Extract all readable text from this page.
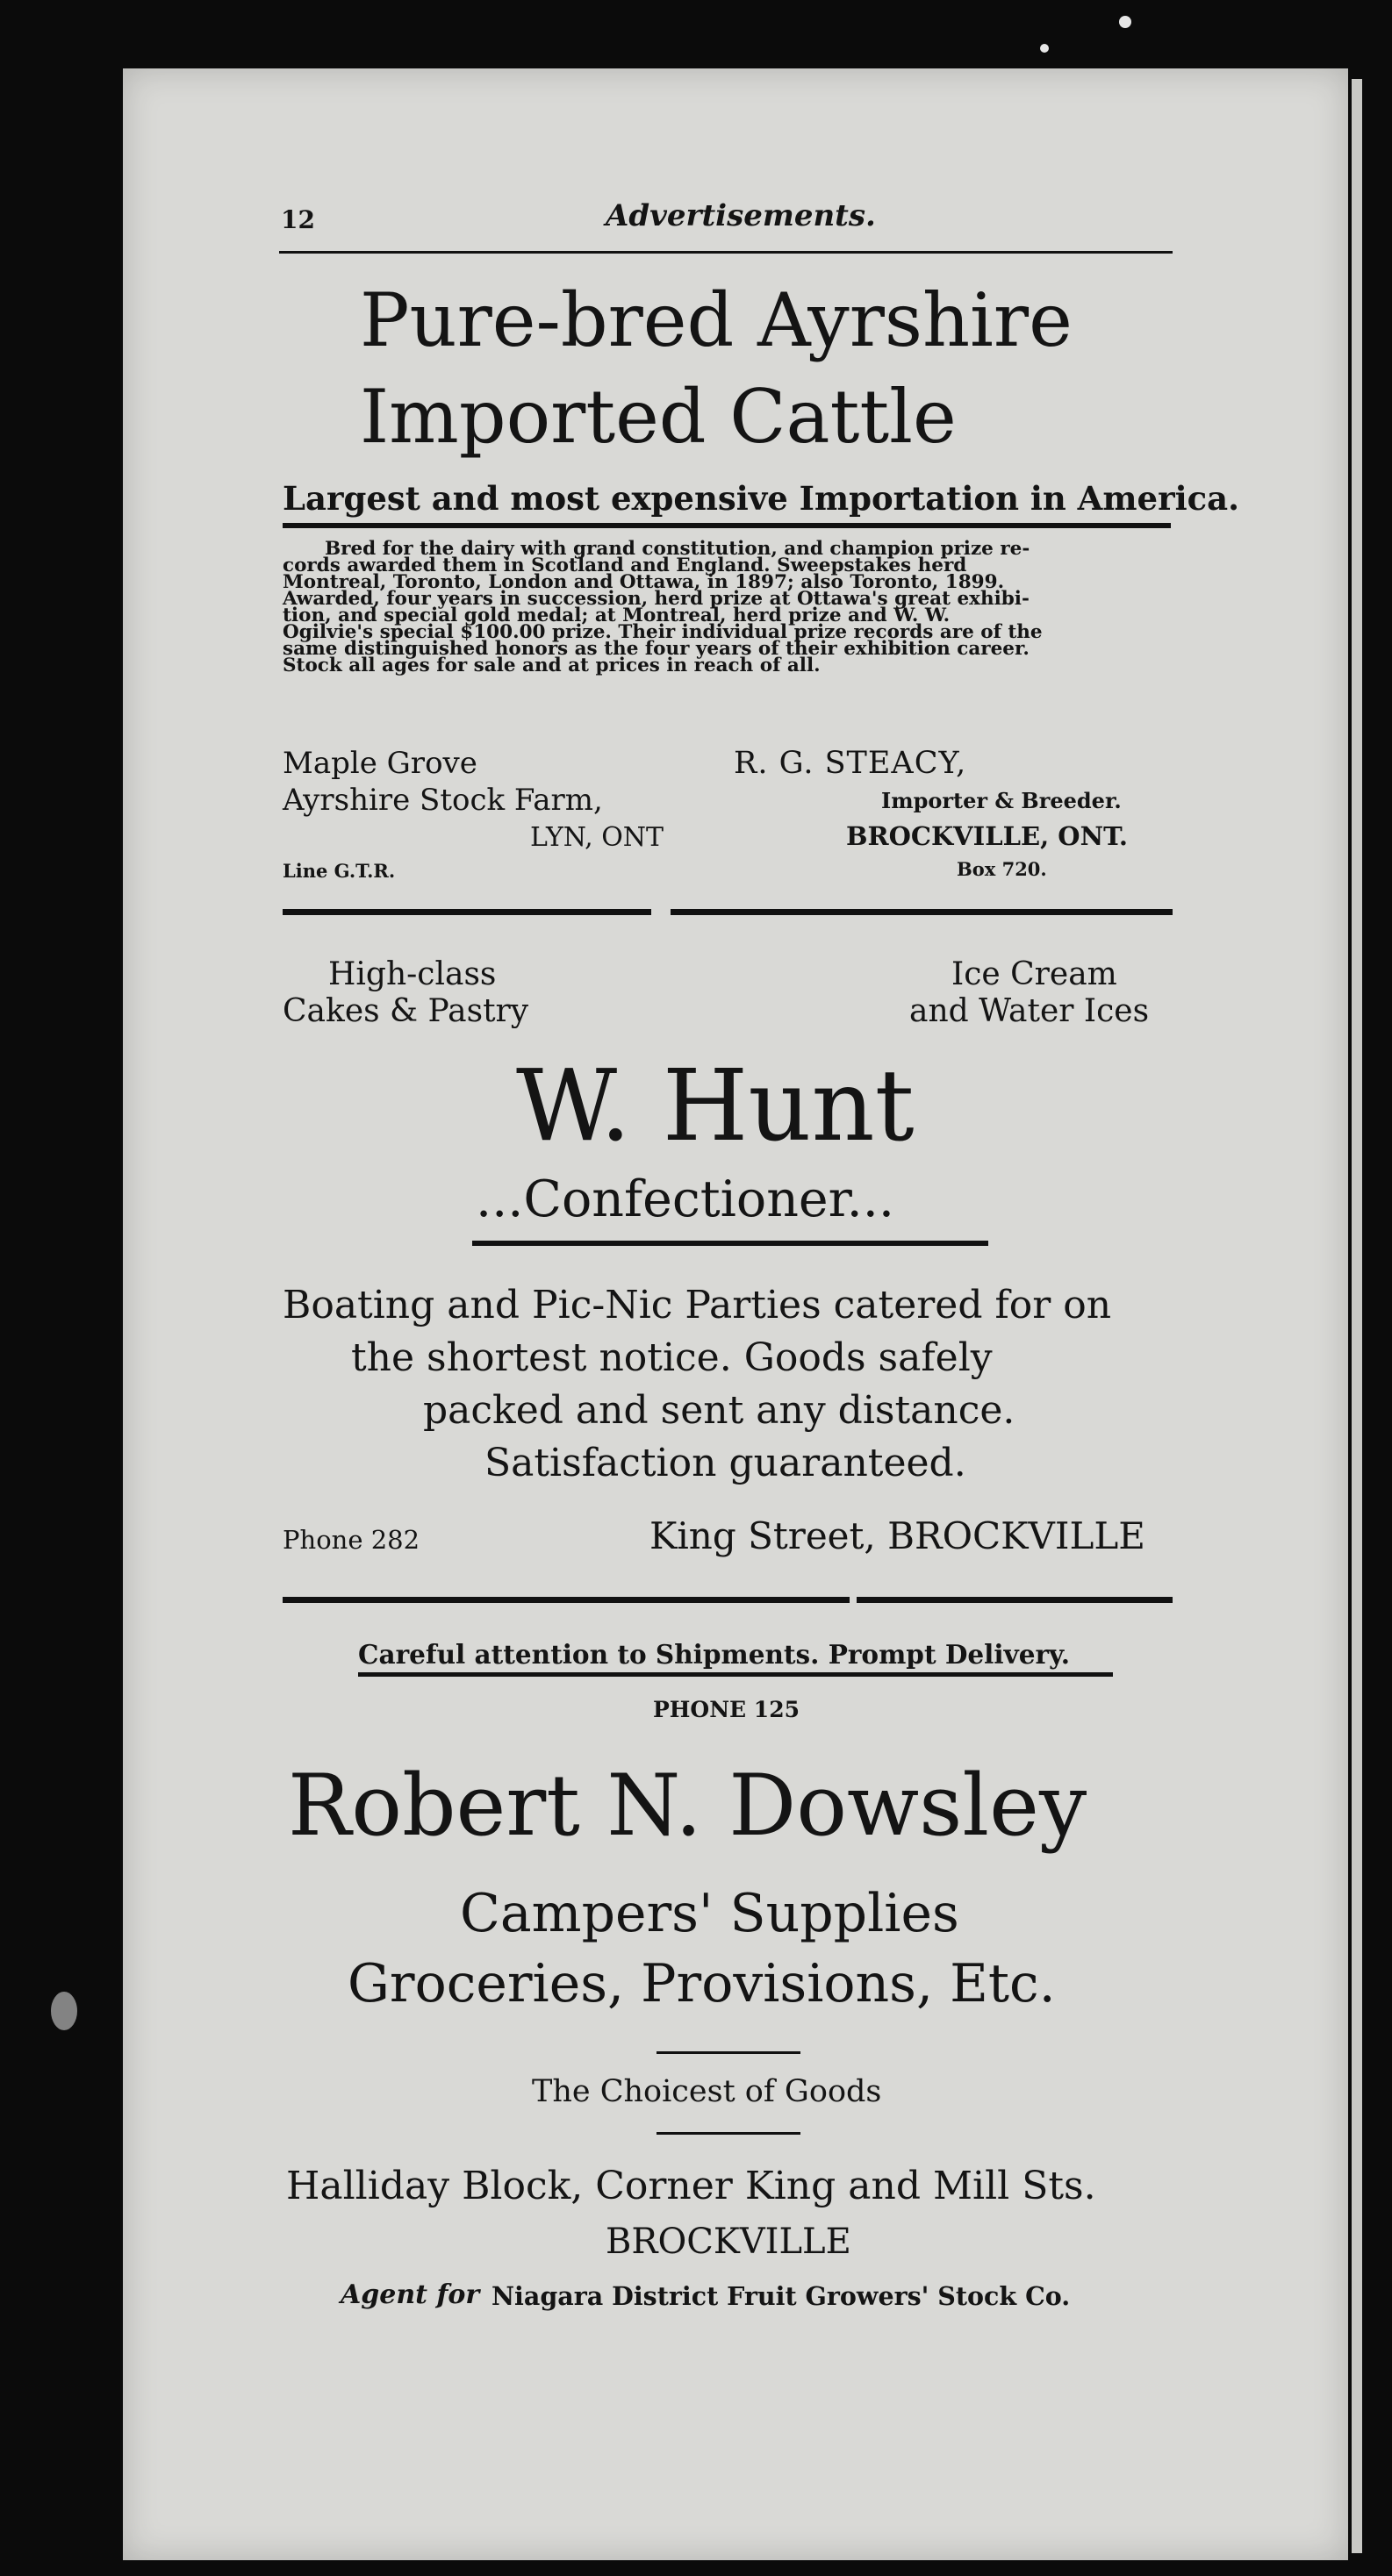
12	Advertisements.
Pure-bred Ayrshire
Imported Cattle
Largest and most expensive Importation in America.
Bred for the dairy with grand constitution, and champion prize re-
cords awarded them in Scotland and England. Sweepstakes herd
Montreal, Toronto, London and Ottawa, in 1897; also Toronto, 1899.
Awarded, four years in succession, herd prize at Ottawa's great exhibi-
tion, and special gold medal; at Montreal, herd prize and W. W.
Ogilvie's special $100.00 prize. Their individual prize records are of the
same distinguished honors as the four years of their exhibition career.
Stock all ages for sale and at prices in reach of all.
Maple Grove
Ayrshire Stock Farm,
LYN, ONT
Line G.T.R.
R. G. STEACY,
Importer & Breeder.
BROCKVILLE, ONT.
Box 720.
High-class
Cakes & Pastry
Ice Cream
and Water Ices
W. Hunt
...Confectioner...
Boating and Pic-Nic Parties catered for on
the shortest notice. Goods safely
packed and sent any distance.
Satisfaction guaranteed.
Phone 282	King Street, BROCKVILLE
Careful attention to Shipments. Prompt Delivery.
PHONE 125
Robert N. Dowsley
Campers' Supplies
Groceries, Provisions, Etc.
The Choicest of Goods
Halliday Block, Corner King and Mill Sts.
BROCKVILLE
Agent for Niagara District Fruit Growers' Stock Co.
